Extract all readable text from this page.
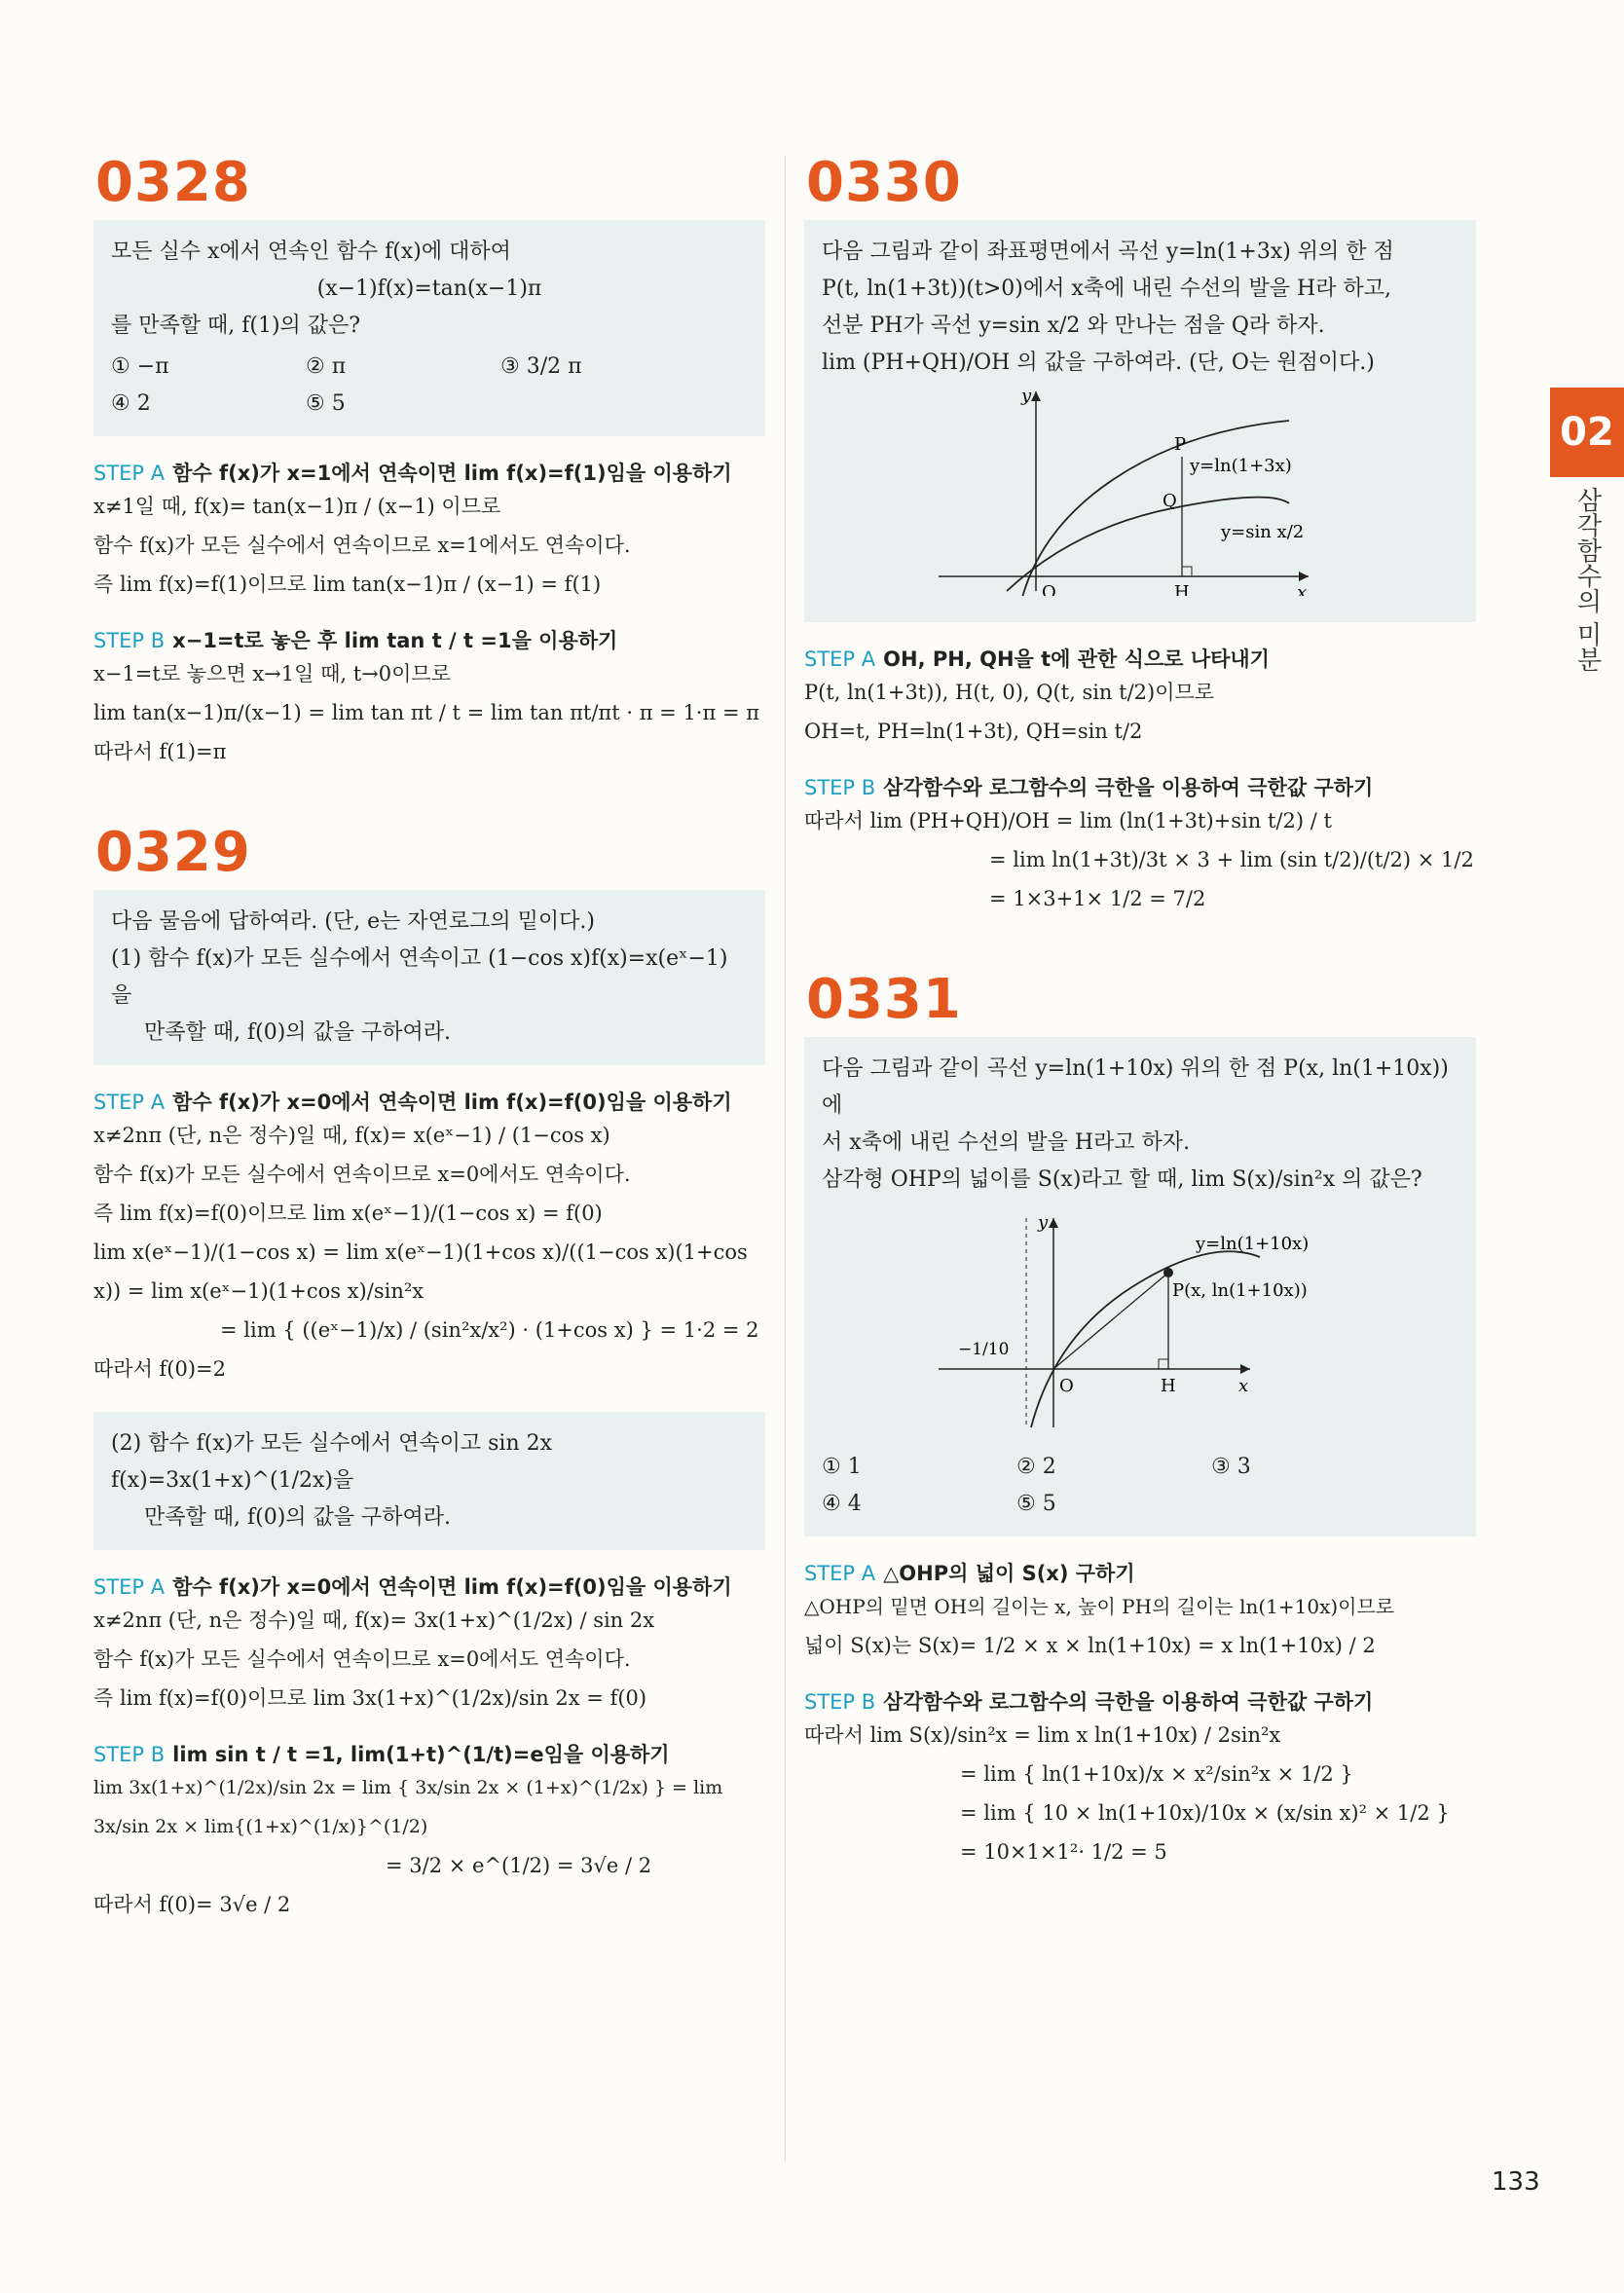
02
삼각함수의 미분
0328
모든 실수 x에서 연속인 함수 f(x)에 대하여
(x−1)f(x)=tan(x−1)π
를 만족할 때, f(1)의 값은?
① −π	② π	③ 3/2 π
④ 2	⑤ 5
STEP A 함수 f(x)가 x=1에서 연속이면 lim f(x)=f(1)임을 이용하기
x≠1일 때, f(x)= tan(x−1)π / (x−1) 이므로
함수 f(x)가 모든 실수에서 연속이므로 x=1에서도 연속이다.
즉 lim f(x)=f(1)이므로 lim tan(x−1)π / (x−1) = f(1)
STEP B x−1=t로 놓은 후 lim tan t / t =1을 이용하기
x−1=t로 놓으면 x→1일 때, t→0이므로
lim tan(x−1)π/(x−1) = lim tan πt / t = lim tan πt/πt · π = 1·π = π
따라서 f(1)=π
0329
다음 물음에 답하여라. (단, e는 자연로그의 밑이다.)
(1) 함수 f(x)가 모든 실수에서 연속이고 (1−cos x)f(x)=x(eˣ−1)을
만족할 때, f(0)의 값을 구하여라.
STEP A 함수 f(x)가 x=0에서 연속이면 lim f(x)=f(0)임을 이용하기
x≠2nπ (단, n은 정수)일 때, f(x)= x(eˣ−1) / (1−cos x)
함수 f(x)가 모든 실수에서 연속이므로 x=0에서도 연속이다.
즉 lim f(x)=f(0)이므로 lim x(eˣ−1)/(1−cos x) = f(0)
lim x(eˣ−1)/(1−cos x) = lim x(eˣ−1)(1+cos x)/((1−cos x)(1+cos x)) = lim x(eˣ−1)(1+cos x)/sin²x
= lim { ((eˣ−1)/x) / (sin²x/x²) · (1+cos x) } = 1·2 = 2
따라서 f(0)=2
(2) 함수 f(x)가 모든 실수에서 연속이고 sin 2x f(x)=3x(1+x)^(1/2x)을
만족할 때, f(0)의 값을 구하여라.
STEP A 함수 f(x)가 x=0에서 연속이면 lim f(x)=f(0)임을 이용하기
x≠2nπ (단, n은 정수)일 때, f(x)= 3x(1+x)^(1/2x) / sin 2x
함수 f(x)가 모든 실수에서 연속이므로 x=0에서도 연속이다.
즉 lim f(x)=f(0)이므로 lim 3x(1+x)^(1/2x)/sin 2x = f(0)
STEP B lim sin t / t =1, lim(1+t)^(1/t)=e임을 이용하기
lim 3x(1+x)^(1/2x)/sin 2x = lim { 3x/sin 2x × (1+x)^(1/2x) } = lim 3x/sin 2x × lim{(1+x)^(1/x)}^(1/2)
= 3/2 × e^(1/2) = 3√e / 2
따라서 f(0)= 3√e / 2
0330
다음 그림과 같이 좌표평면에서 곡선 y=ln(1+3x) 위의 한 점
P(t, ln(1+3t))(t>0)에서 x축에 내린 수선의 발을 H라 하고,
선분 PH가 곡선 y=sin x/2 와 만나는 점을 Q라 하자.
lim (PH+QH)/OH 의 값을 구하여라. (단, O는 원점이다.)
y
x
O
P
Q
H
y=ln(1+3x)
y=sin x/2
STEP A OH, PH, QH을 t에 관한 식으로 나타내기
P(t, ln(1+3t)), H(t, 0), Q(t, sin t/2)이므로
OH=t, PH=ln(1+3t), QH=sin t/2
STEP B 삼각함수와 로그함수의 극한을 이용하여 극한값 구하기
따라서 lim (PH+QH)/OH = lim (ln(1+3t)+sin t/2) / t
= lim ln(1+3t)/3t × 3 + lim (sin t/2)/(t/2) × 1/2
= 1×3+1× 1/2 = 7/2
0331
다음 그림과 같이 곡선 y=ln(1+10x) 위의 한 점 P(x, ln(1+10x))에
서 x축에 내린 수선의 발을 H라고 하자.
삼각형 OHP의 넓이를 S(x)라고 할 때, lim S(x)/sin²x 의 값은?
y
x
O	H
y=ln(1+10x)
P(x, ln(1+10x))
−1/10
① 1	② 2	③ 3
④ 4	⑤ 5
STEP A △OHP의 넓이 S(x) 구하기
△OHP의 밑면 OH의 길이는 x, 높이 PH의 길이는 ln(1+10x)이므로
넓이 S(x)는 S(x)= 1/2 × x × ln(1+10x) = x ln(1+10x) / 2
STEP B 삼각함수와 로그함수의 극한을 이용하여 극한값 구하기
따라서 lim S(x)/sin²x = lim x ln(1+10x) / 2sin²x
= lim { ln(1+10x)/x × x²/sin²x × 1/2 }
= lim { 10 × ln(1+10x)/10x × (x/sin x)² × 1/2 }
= 10×1×1²· 1/2 = 5
133
